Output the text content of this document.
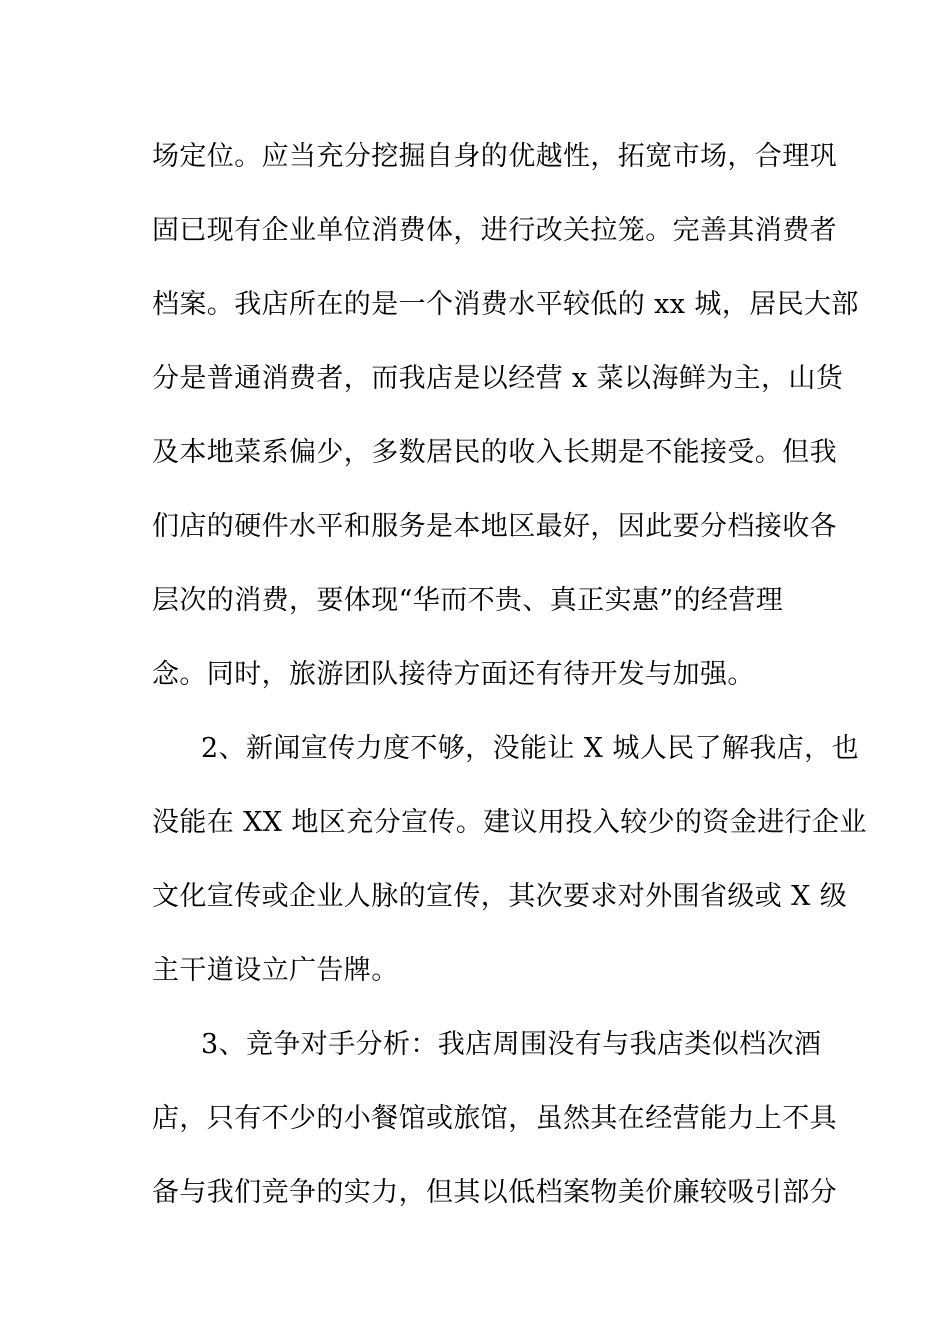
场定位。应当充分挖掘自身的优越性，拓宽市场，合理巩
固已现有企业单位消费体，进行改关拉笼。完善其消费者
档案。我店所在的是一个消费水平较低的 xx 城，居民大部
分是普通消费者，而我店是以经营 x 菜以海鲜为主，山货
及本地菜系偏少，多数居民的收入长期是不能接受。但我
们店的硬件水平和服务是本地区最好，因此要分档接收各
层次的消费，要体现“华而不贵、真正实惠”的经营理
念。同时，旅游团队接待方面还有待开发与加强。
2、新闻宣传力度不够，没能让 X 城人民了解我店，也
没能在 XX 地区充分宣传。建议用投入较少的资金进行企业
文化宣传或企业人脉的宣传，其次要求对外围省级或 X 级
主干道设立广告牌。
3、竞争对手分析：我店周围没有与我店类似档次酒
店，只有不少的小餐馆或旅馆，虽然其在经营能力上不具
备与我们竞争的实力，但其以低档案物美价廉较吸引部分
